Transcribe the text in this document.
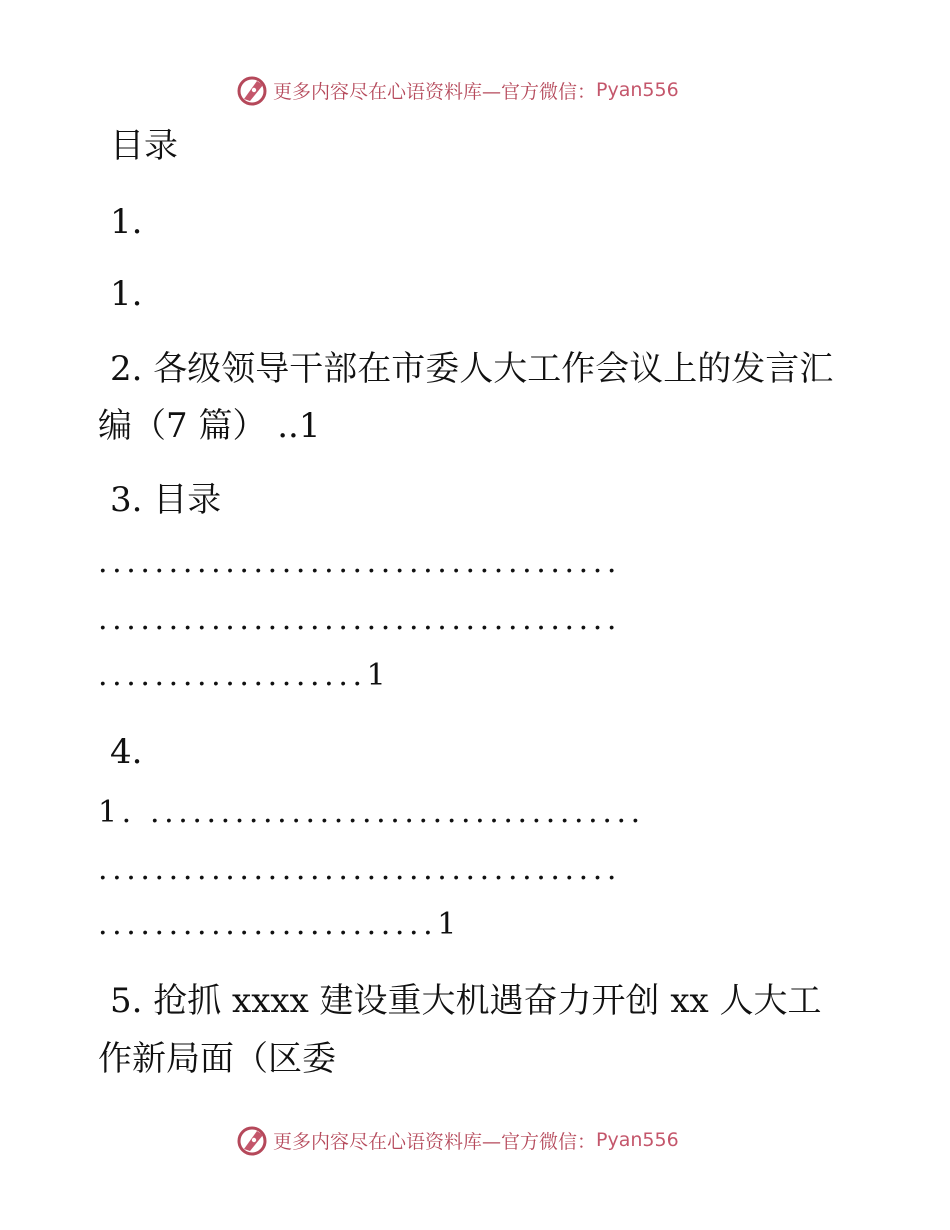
更多内容尽在心语资料库— 官方微信： Pyan556
目录
1.
1.
2. 各级领导干部在市委人大工作会议上的发言汇
编（7 篇） ..1
3. 目录
.....................................
.....................................
...................1
4.
1. ...................................
.....................................
........................1
5. 抢抓 xxxx 建设重大机遇奋力开创 xx 人大工
作新局面（区委
更多内容尽在心语资料库— 官方微信： Pyan556
